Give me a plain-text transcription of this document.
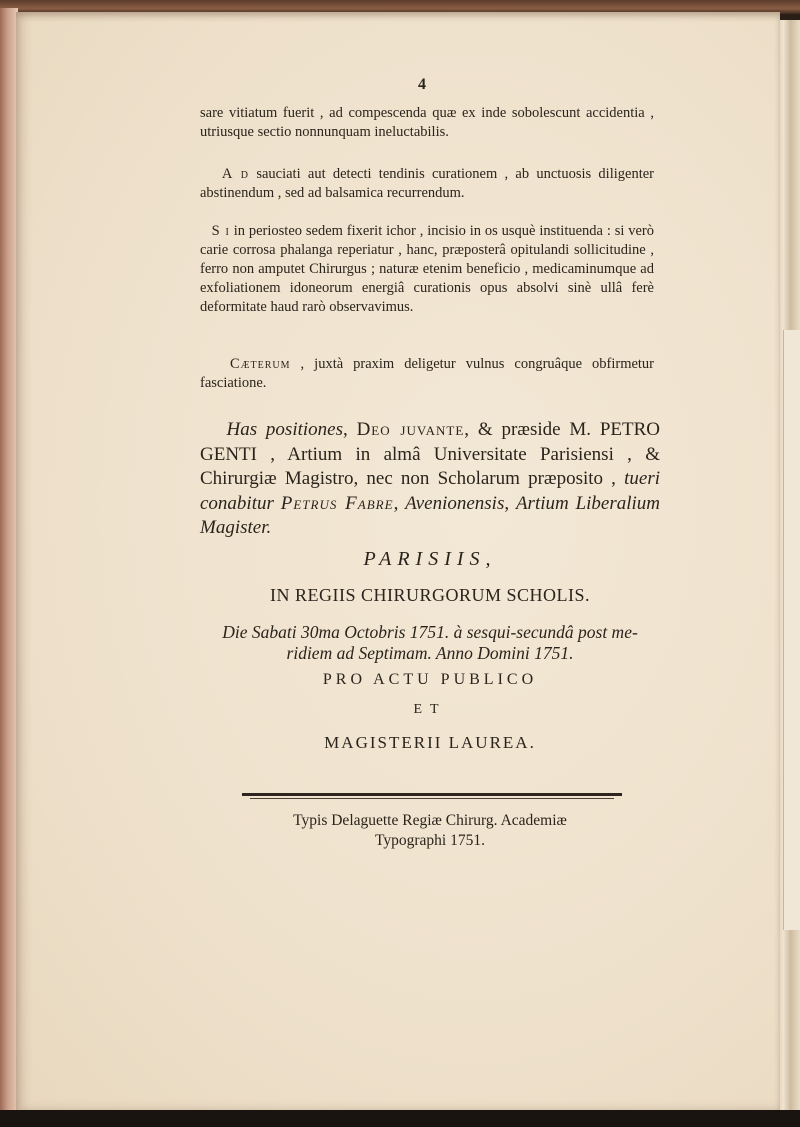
4

sare vitiatum fuerit , ad compescenda quæ ex inde sobolescunt accidentia , utriusque sectio nonnunquam ineluctabilis.

A d sauciati aut detecti tendinis curationem , ab unctuosis diligenter abstinendum , sed ad balsamica recurrendum.

S i in periosteo sedem fixerit ichor , incisio in os usquè instituenda : si verò carie corrosa phalanga reperiatur , hanc, præposterâ opitulandi sollicitudine , ferro non amputet Chirurgus ; naturæ etenim beneficio , medicaminumque ad exfoliationem idoneorum energiâ curationis opus absolvi sinè ullâ ferè deformitate haud rarò observavimus.

Cæterum , juxtà praxim deligetur vulnus congruâque obfirmetur fasciatione.

Has positiones, Deo juvante, & præside M. PETRO GENTI , Artium in almâ Universitate Parisiensi , & Chirurgiæ Magistro, nec non Scholarum præposito , tueri conabitur Petrus Fabre, Avenionensis, Artium Liberalium Magister.

PARISIIS,
IN REGIIS CHIRURGORUM SCHOLIS.
Die Sabati 30ma Octobris 1751. à sesqui-secundâ post me-
ridiem ad Septimam. Anno Domini 1751.
PRO ACTU PUBLICO
ET
MAGISTERII LAUREA.
Typis Delaguette Regiæ Chirurg. Academiæ
Typographi 1751.
